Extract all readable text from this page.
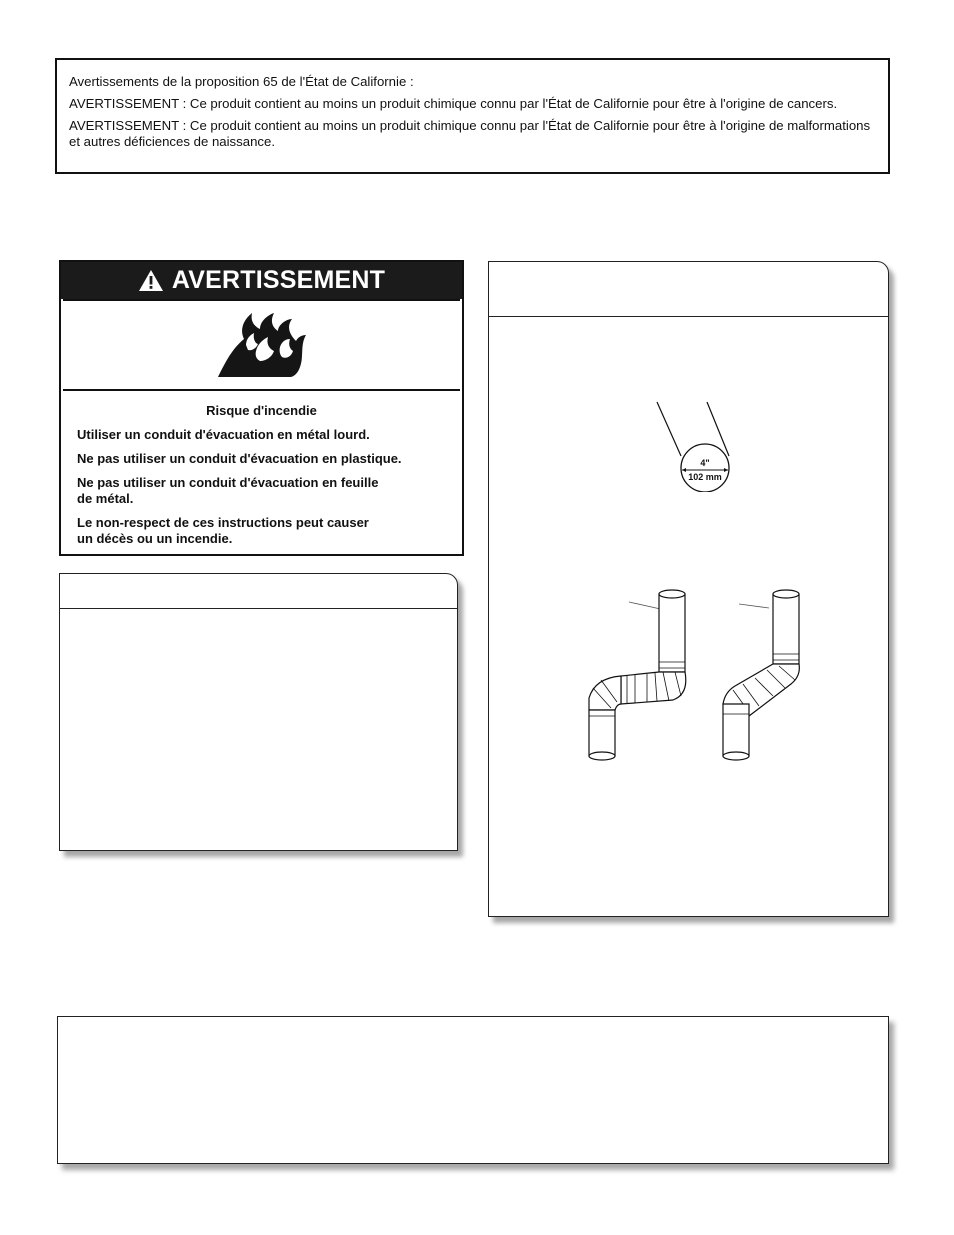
Avertissements de la proposition 65 de l'État de Californie :

AVERTISSEMENT : Ce produit contient au moins un produit chimique connu par l'État de Californie pour être à l'origine de cancers.

AVERTISSEMENT : Ce produit contient au moins un produit chimique connu par l'État de Californie pour être à l'origine de malformations et autres déficiences de naissance.

AVERTISSEMENT

Risque d'incendie

Utiliser un conduit d'évacuation en métal lourd.

Ne pas utiliser un conduit d'évacuation en plastique.

Ne pas utiliser un conduit d'évacuation en feuille
de métal.

Le non-respect de ces instructions peut causer
un décès ou un incendie.

4"
102 mm
